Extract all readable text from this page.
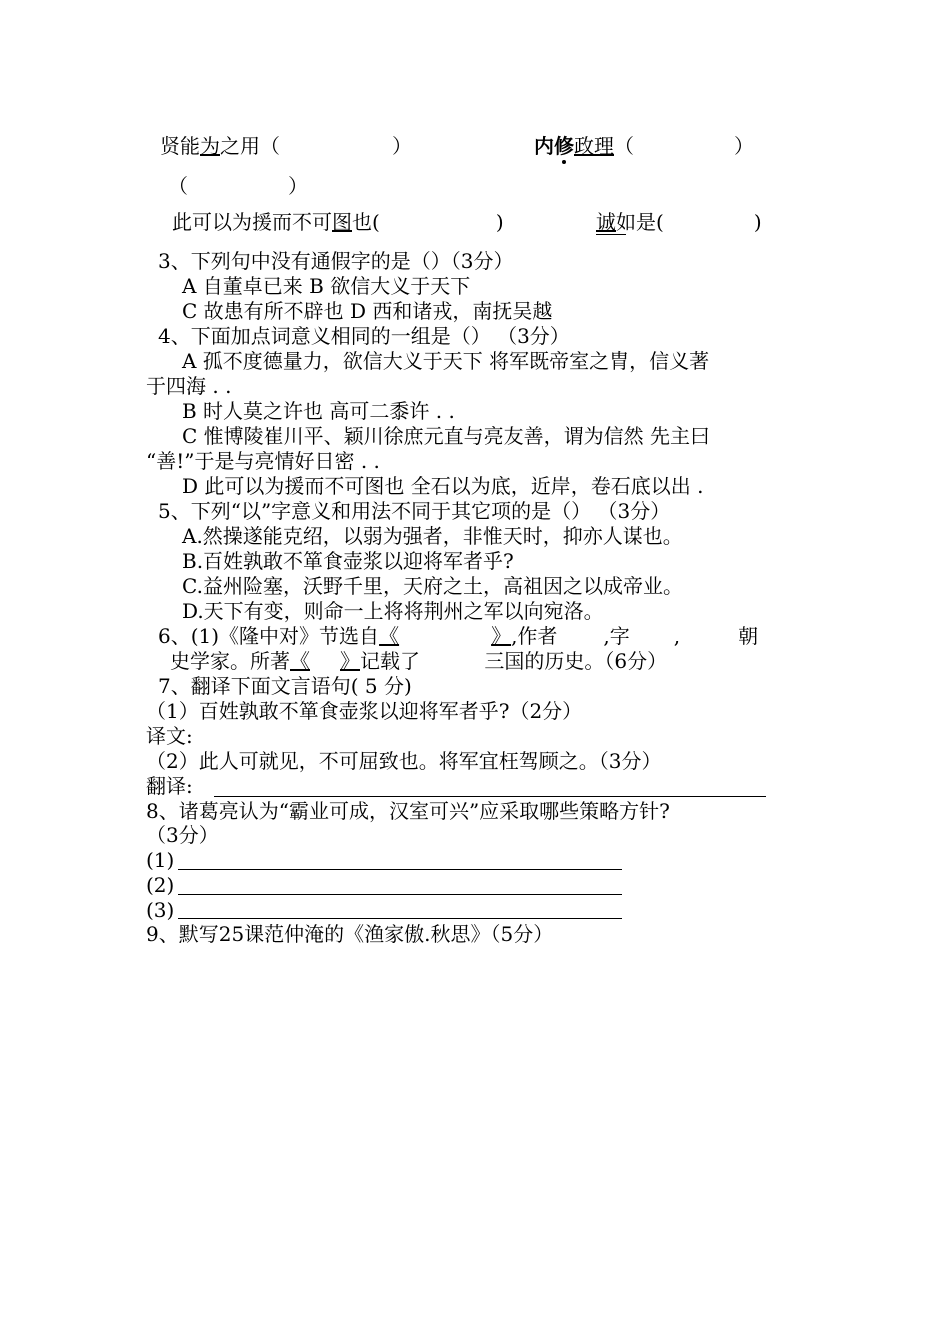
贤能为之用（	）	内修政理（	）
（　　　　　）
此可以为援而不可图也(	)	诚如是(	)
3、下列句中没有通假字的是（）（3分）
A 自董卓已来 B 欲信大义于天下
C 故患有所不辟也 D 西和诸戎，南抚吴越
4、下面加点词意义相同的一组是（） （3分）
A 孤不度德量力，欲信大义于天下 将军既帝室之胄，信义著
于四海 . .
B 时人莫之许也 高可二黍许 . .
C 惟博陵崔川平、颖川徐庶元直与亮友善，谓为信然 先主曰
“善!”于是与亮情好日密 . .
D 此可以为援而不可图也 全石以为底，近岸，卷石底以出 .
5、下列“以”字意义和用法不同于其它项的是（） （3分）
A.然操遂能克绍，以弱为强者，非惟天时，抑亦人谋也。
B.百姓孰敢不箪食壶浆以迎将军者乎?
C.益州险塞，沃野千里，天府之土，高祖因之以成帝业。
D.天下有变，则命一上将将荆州之军以向宛洛。
6、(1)《隆中对》节选自《	》,作者 ,字 ,	朝
史学家。所著《 》记载了	三国的历史。（6分）
7、翻译下面文言语句( 5 分)
（1）百姓孰敢不箪食壶浆以迎将军者乎?（2分）
译文:
（2）此人可就见，不可屈致也。将军宜枉驾顾之。（3分）
翻译:
8、诸葛亮认为“霸业可成，汉室可兴”应采取哪些策略方针?
（3分）
(1)
(2)
(3)
9、默写25课范仲淹的《渔家傲.秋思》（5分）
